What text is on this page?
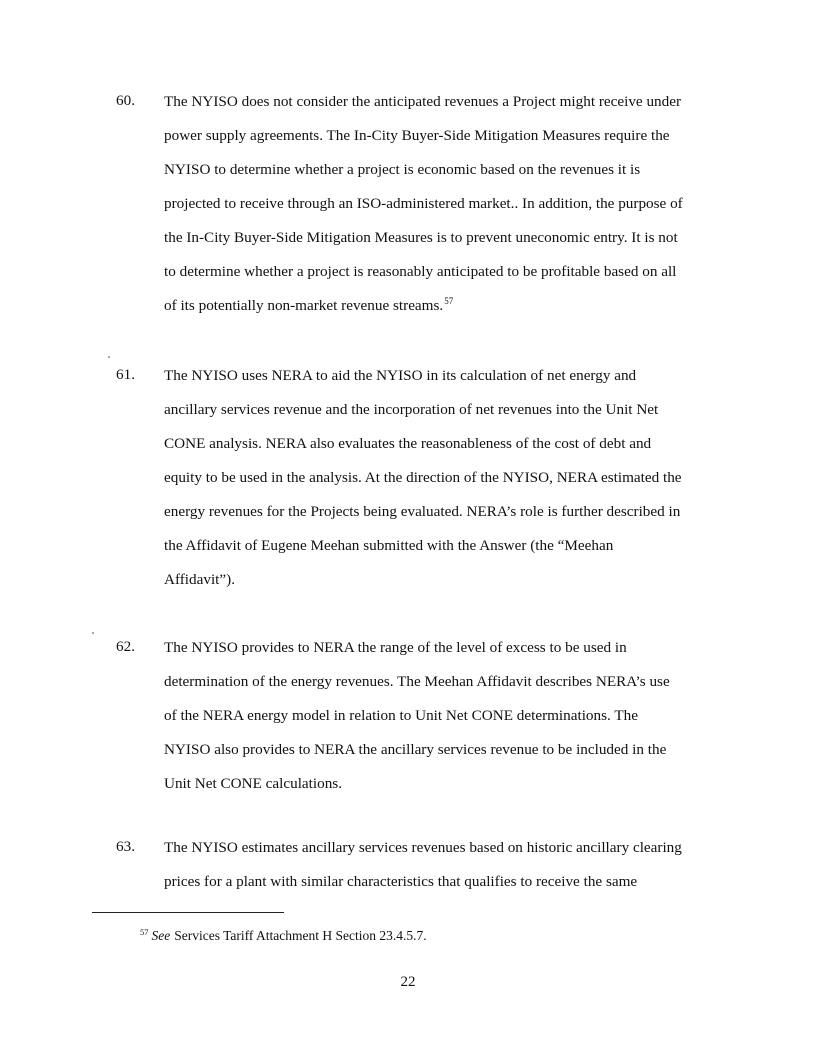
60. The NYISO does not consider the anticipated revenues a Project might receive under
power supply agreements. The In-City Buyer-Side Mitigation Measures require the
NYISO to determine whether a project is economic based on the revenues it is
projected to receive through an ISO-administered market.. In addition, the purpose of
the In-City Buyer-Side Mitigation Measures is to prevent uneconomic entry. It is not
to determine whether a project is reasonably anticipated to be profitable based on all
of its potentially non-market revenue streams.$^{57}$
61. The NYISO uses NERA to aid the NYISO in its calculation of net energy and
ancillary services revenue and the incorporation of net revenues into the Unit Net
CONE analysis. NERA also evaluates the reasonableness of the cost of debt and
equity to be used in the analysis. At the direction of the NYISO, NERA estimated the
energy revenues for the Projects being evaluated. NERA’s role is further described in
the Affidavit of Eugene Meehan submitted with the Answer (the “Meehan
Affidavit”).
62. The NYISO provides to NERA the range of the level of excess to be used in
determination of the energy revenues. The Meehan Affidavit describes NERA’s use
of the NERA energy model in relation to Unit Net CONE determinations. The
NYISO also provides to NERA the ancillary services revenue to be included in the
Unit Net CONE calculations.
63. The NYISO estimates ancillary services revenues based on historic ancillary clearing
prices for a plant with similar characteristics that qualifies to receive the same
$^{57}$ See Services Tariff Attachment H Section 23.4.5.7.
22
